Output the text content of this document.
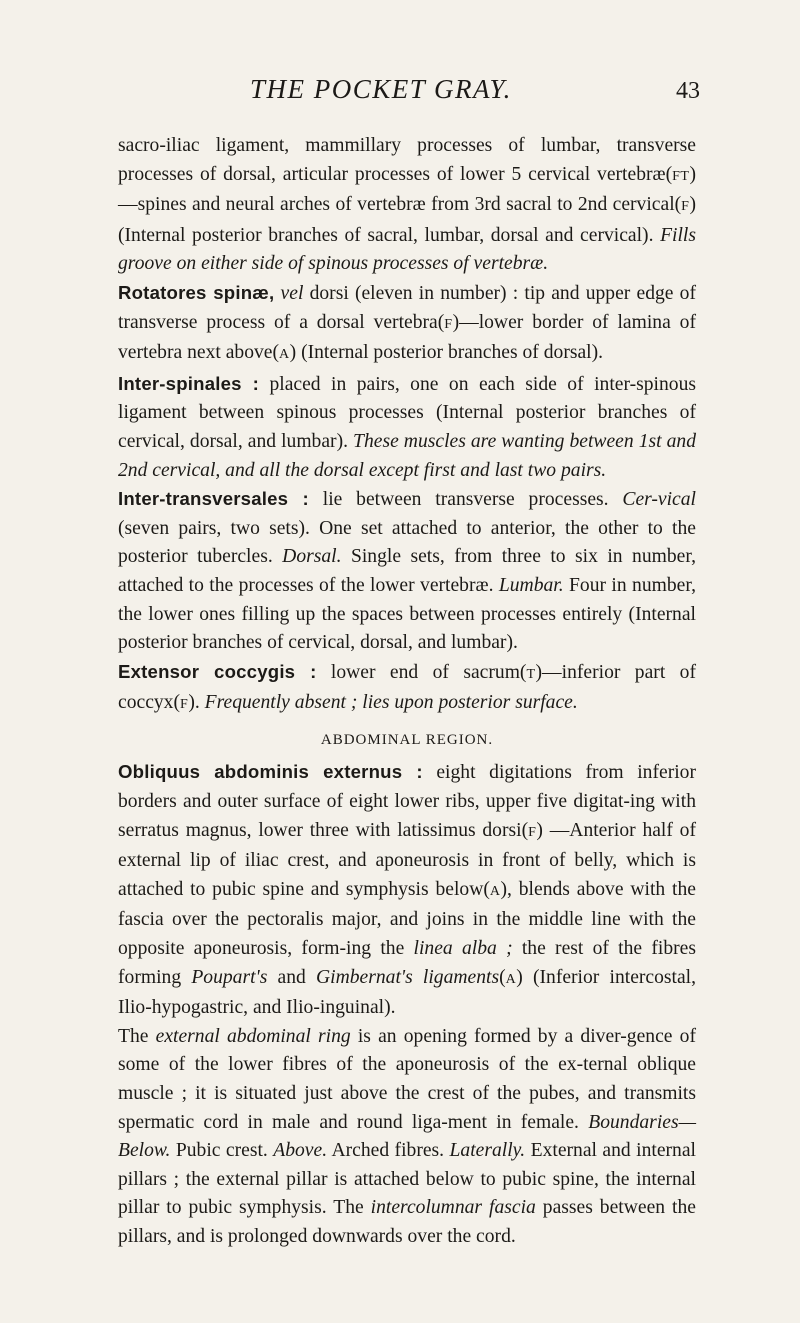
THE POCKET GRAY.	43

sacro-iliac ligament, mammillary processes of lumbar, transverse processes of dorsal, articular processes of lower 5 cervical vertebræ(FT)—spines and neural arches of vertebræ from 3rd sacral to 2nd cervical(F) (Internal posterior branches of sacral, lumbar, dorsal and cervical). Fills groove on either side of spinous processes of vertebræ.

Rotatores spinæ, vel dorsi (eleven in number) : tip and upper edge of transverse process of a dorsal vertebra(F)—lower border of lamina of vertebra next above(A) (Internal posterior branches of dorsal).

Inter-spinales : placed in pairs, one on each side of inter-spinous ligament between spinous processes (Internal posterior branches of cervical, dorsal, and lumbar). These muscles are wanting between 1st and 2nd cervical, and all the dorsal except first and last two pairs.

Inter-transversales : lie between transverse processes. Cer-vical (seven pairs, two sets). One set attached to anterior, the other to the posterior tubercles. Dorsal. Single sets, from three to six in number, attached to the processes of the lower vertebræ. Lumbar. Four in number, the lower ones filling up the spaces between processes entirely (Internal posterior branches of cervical, dorsal, and lumbar).

Extensor coccygis : lower end of sacrum(T)—inferior part of coccyx(F). Frequently absent ; lies upon posterior surface.

ABDOMINAL REGION.

Obliquus abdominis externus : eight digitations from inferior borders and outer surface of eight lower ribs, upper five digitat-ing with serratus magnus, lower three with latissimus dorsi(F) —Anterior half of external lip of iliac crest, and aponeurosis in front of belly, which is attached to pubic spine and symphysis below(A), blends above with the fascia over the pectoralis major, and joins in the middle line with the opposite aponeurosis, form-ing the linea alba ; the rest of the fibres forming Poupart's and Gimbernat's ligaments(A) (Inferior intercostal, Ilio-hypogastric, and Ilio-inguinal).

The external abdominal ring is an opening formed by a diver-gence of some of the lower fibres of the aponeurosis of the ex-ternal oblique muscle ; it is situated just above the crest of the pubes, and transmits spermatic cord in male and round liga-ment in female. Boundaries—Below. Pubic crest. Above. Arched fibres. Laterally. External and internal pillars ; the external pillar is attached below to pubic spine, the internal pillar to pubic symphysis. The intercolumnar fascia passes between the pillars, and is prolonged downwards over the cord.
